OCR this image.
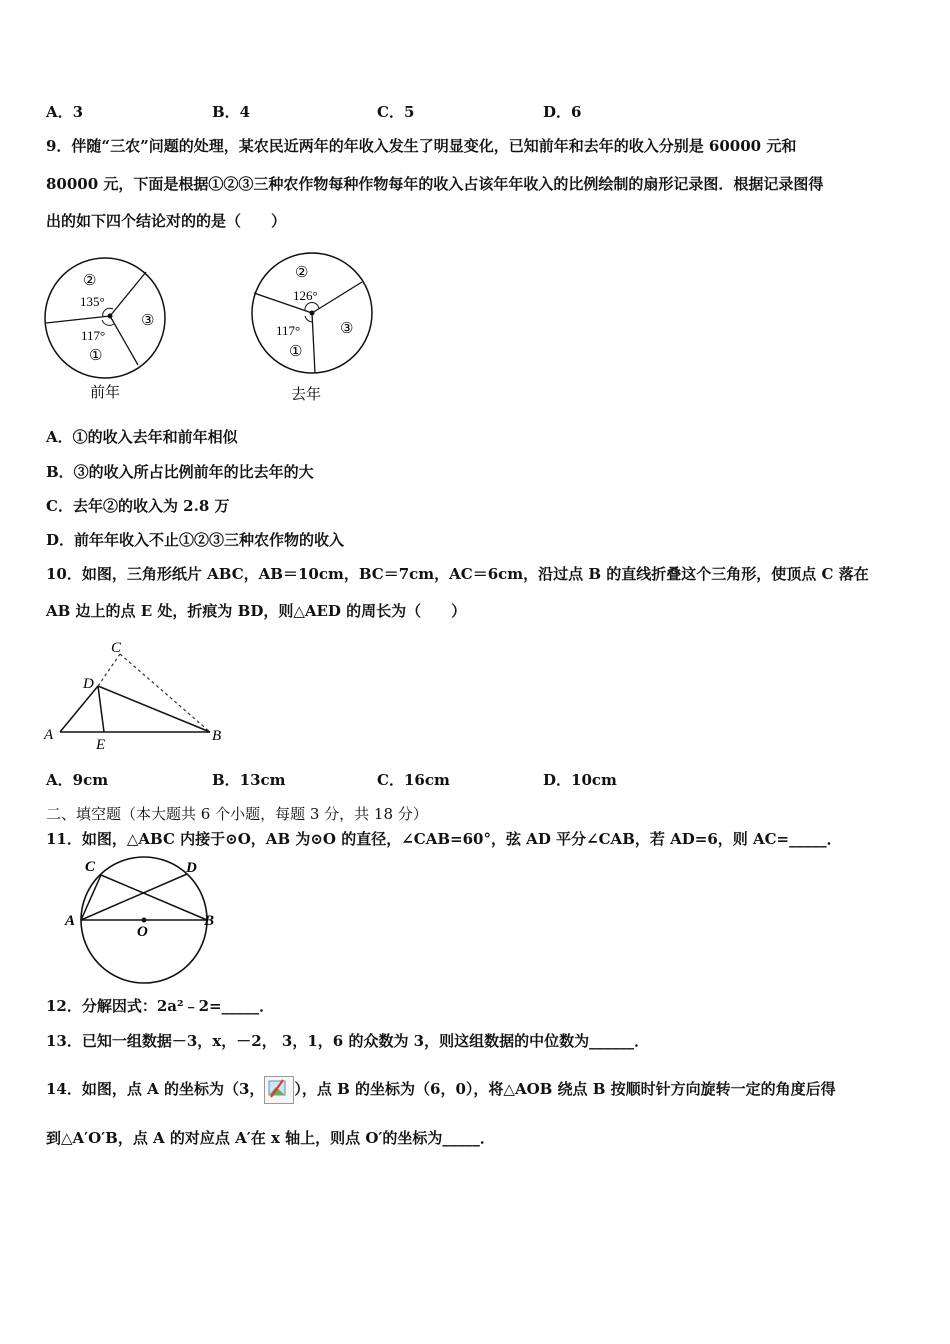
A．3	B．4	C．5	D．6
9．伴随“三农”问题的处理，某农民近两年的年收入发生了明显变化，已知前年和去年的收入分别是 60000 元和
80000 元，下面是根据①②③三种农作物每种作物每年的收入占该年年收入的比例绘制的扇形记录图．根据记录图得
出的如下四个结论对的的是（　　）
②
135°
③
117°
①
前年
②
126°
③
117°
①
去年
A．①的收入去年和前年相似
B．③的收入所占比例前年的比去年的大
C．去年②的收入为 2.8 万
D．前年年收入不止①②③三种农作物的收入
10．如图，三角形纸片 ABC，AB＝10cm，BC＝7cm，AC＝6cm，沿过点 B 的直线折叠这个三角形，使顶点 C 落在
AB 边上的点 E 处，折痕为 BD，则△AED 的周长为（　　）
C
D
A
E
B
A．9cm	B．13cm	C．16cm	D．10cm
二、填空题（本大题共 6 个小题，每题 3 分，共 18 分）
11．如图，△ABC 内接于⊙O，AB 为⊙O 的直径，∠CAB=60°，弦 AD 平分∠CAB，若 AD=6，则 AC=_____．
C	D
A
O
B
12．分解因式：2a²﹣2=_____．
13．已知一组数据－3，x，－2， 3，1，6 的众数为 3，则这组数据的中位数为______．
14．如图，点 A 的坐标为（3， ），点 B 的坐标为（6，0），将△AOB 绕点 B 按顺时针方向旋转一定的角度后得
到△A′O′B，点 A 的对应点 A′在 x 轴上，则点 O′的坐标为_____．
